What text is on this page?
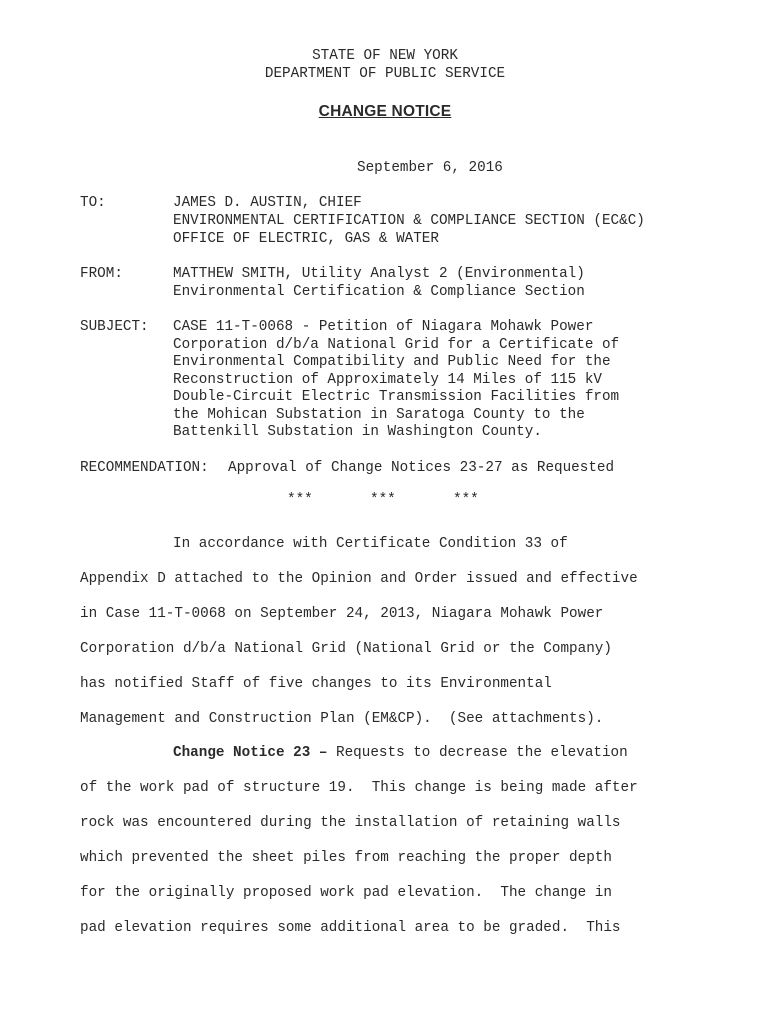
STATE OF NEW YORK
DEPARTMENT OF PUBLIC SERVICE
CHANGE NOTICE
September 6, 2016
TO:	JAMES D. AUSTIN, CHIEF
ENVIRONMENTAL CERTIFICATION & COMPLIANCE SECTION (EC&C)
OFFICE OF ELECTRIC, GAS & WATER
FROM:	MATTHEW SMITH, Utility Analyst 2 (Environmental)
Environmental Certification & Compliance Section
SUBJECT: CASE 11-T-0068 - Petition of Niagara Mohawk Power
Corporation d/b/a National Grid for a Certificate of
Environmental Compatibility and Public Need for the
Reconstruction of Approximately 14 Miles of 115 kV
Double-Circuit Electric Transmission Facilities from
the Mohican Substation in Saratoga County to the
Battenkill Substation in Washington County.
RECOMMENDATION: Approval of Change Notices 23-27 as Requested
***	***	***
In accordance with Certificate Condition 33 of
Appendix D attached to the Opinion and Order issued and effective
in Case 11-T-0068 on September 24, 2013, Niagara Mohawk Power
Corporation d/b/a National Grid (National Grid or the Company)
has notified Staff of five changes to its Environmental
Management and Construction Plan (EM&CP).  (See attachments).
Change Notice 23 – Requests to decrease the elevation
of the work pad of structure 19.  This change is being made after
rock was encountered during the installation of retaining walls
which prevented the sheet piles from reaching the proper depth
for the originally proposed work pad elevation.  The change in
pad elevation requires some additional area to be graded.  This
